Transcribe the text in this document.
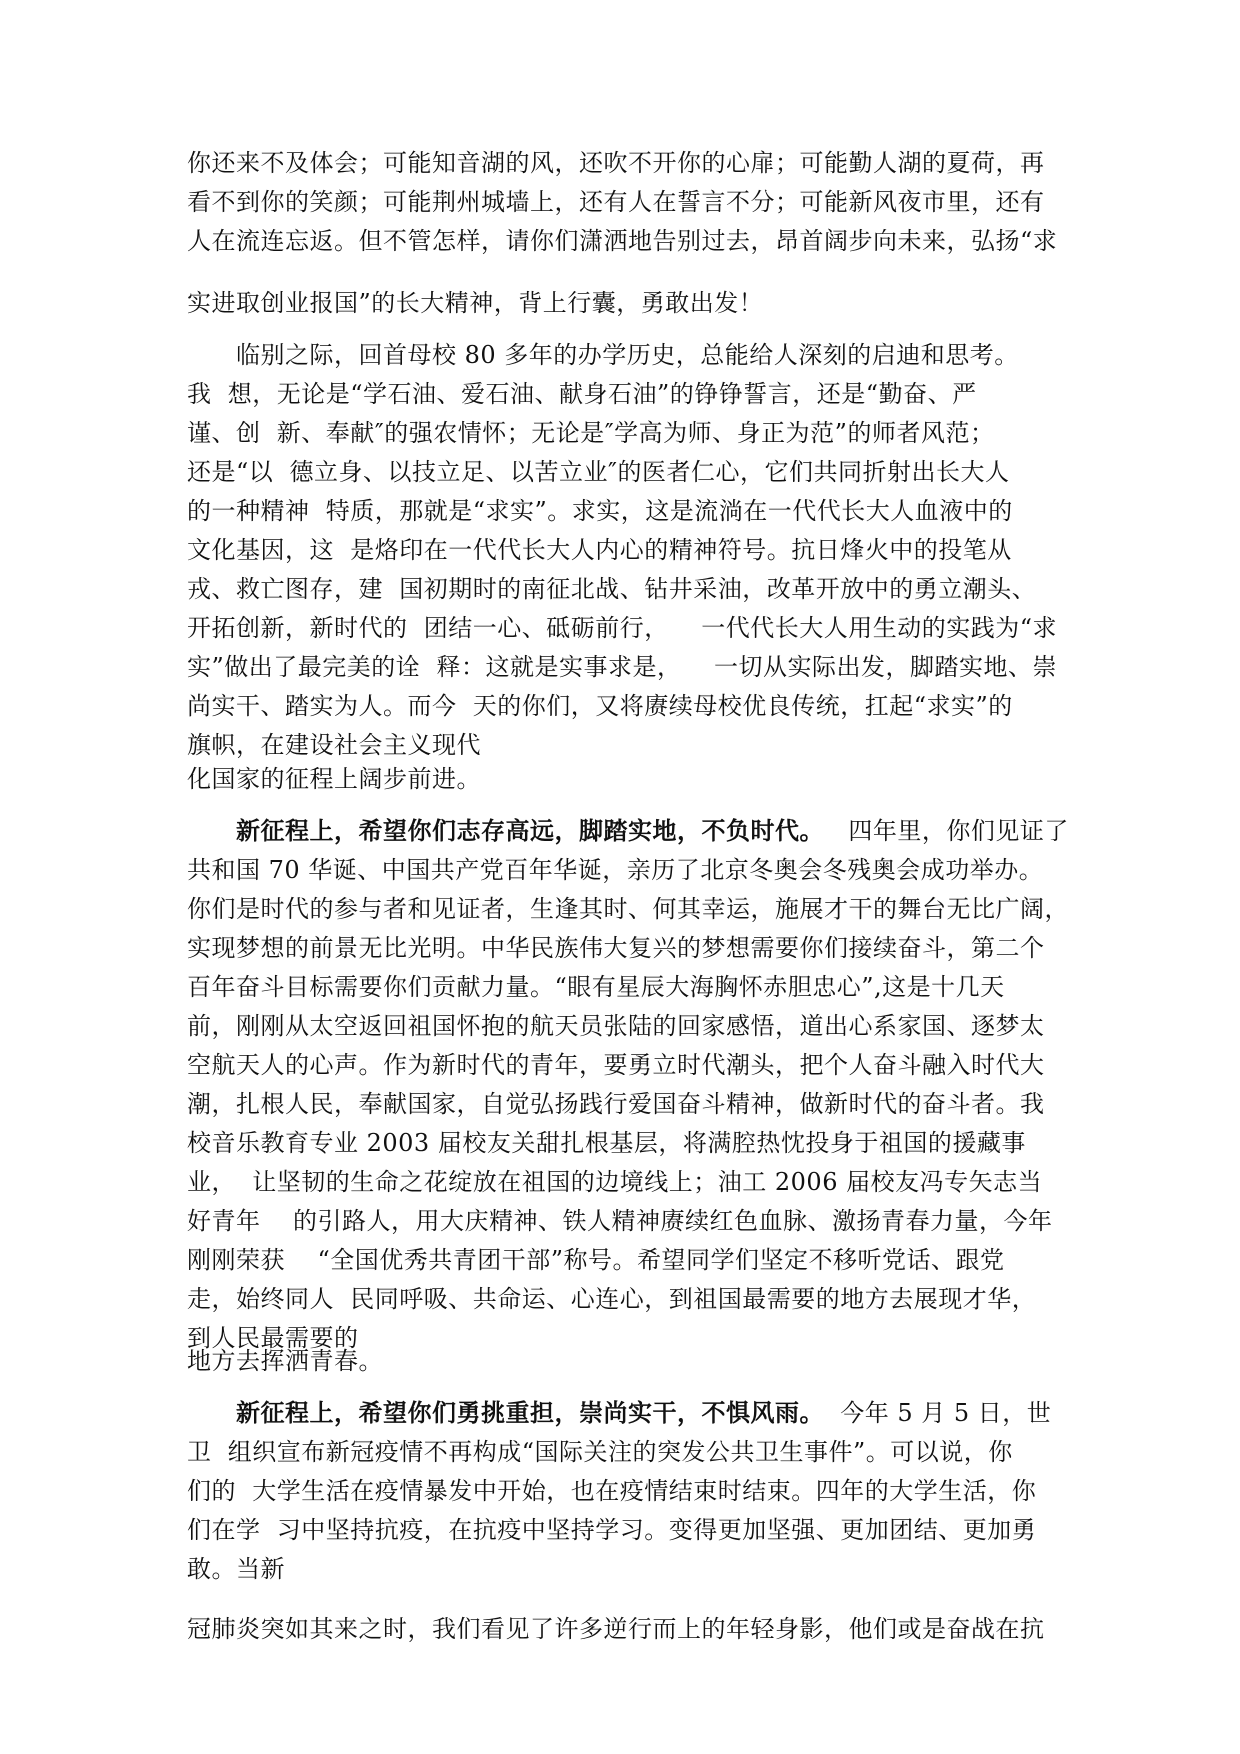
你还来不及体会；可能知音湖的风，还吹不开你的心扉；可能勤人湖的夏荷，再
看不到你的笑颜；可能荆州城墙上，还有人在誓言不分；可能新风夜市里，还有
人在流连忘返。但不管怎样，请你们潇洒地告别过去，昂首阔步向未来，弘扬“求
实进取创业报国”的长大精神，背上行囊，勇敢出发！
　　临别之际，回首母校 80 多年的办学历史，总能给人深刻的启迪和思考。
我  想，无论是“学石油、爱石油、献身石油”的铮铮誓言，还是“勤奋、严
谨、创  新、奉献″的强农情怀；无论是″学高为师、身正为范”的师者风范；
还是“以  德立身、以技立足、以苦立业″的医者仁心，它们共同折射出长大人
的一种精神  特质，那就是“求实”。求实，这是流淌在一代代长大人血液中的
文化基因，这  是烙印在一代代长大人内心的精神符号。抗日烽火中的投笔从
戎、救亡图存，建  国初期时的南征北战、钻井采油，改革开放中的勇立潮头、
开拓创新，新时代的  团结一心、砥砺前行，    一代代长大人用生动的实践为“求
实”做出了最完美的诠  释：这就是实事求是，    一切从实际出发，脚踏实地、崇
尚实干、踏实为人。而今  天的你们，又将赓续母校优良传统，扛起“求实”的
旗帜，在建设社会主义现代
化国家的征程上阔步前进。
　　新征程上，希望你们志存高远，脚踏实地，不负时代。   四年里，你们见证了
共和国 70 华诞、中国共产党百年华诞，亲历了北京冬奥会冬残奥会成功举办。
你们是时代的参与者和见证者，生逢其时、何其幸运，施展才干的舞台无比广阔，
实现梦想的前景无比光明。中华民族伟大复兴的梦想需要你们接续奋斗，第二个
百年奋斗目标需要你们贡献力量。“眼有星辰大海胸怀赤胆忠心”,这是十几天
前，刚刚从太空返回祖国怀抱的航天员张陆的回家感悟，道出心系家国、逐梦太
空航天人的心声。作为新时代的青年，要勇立时代潮头，把个人奋斗融入时代大
潮，扎根人民，奉献国家，自觉弘扬践行爱国奋斗精神，做新时代的奋斗者。我
校音乐教育专业 2003 届校友关甜扎根基层，将满腔热忱投身于祖国的援藏事
业，  让坚韧的生命之花绽放在祖国的边境线上；油工 2006 届校友冯专矢志当
好青年    的引路人，用大庆精神、铁人精神赓续红色血脉、激扬青春力量，今年
刚刚荣获    “全国优秀共青团干部”称号。希望同学们坚定不移听党话、跟党
走，始终同人  民同呼吸、共命运、心连心，到祖国最需要的地方去展现才华，
到人民最需要的
地方去挥洒青春。
　　新征程上，希望你们勇挑重担，崇尚实干，不惧风雨。  今年 5 月 5 日，世
卫  组织宣布新冠疫情不再构成“国际关注的突发公共卫生事件”。可以说，你
们的  大学生活在疫情暴发中开始，也在疫情结束时结束。四年的大学生活，你
们在学  习中坚持抗疫，在抗疫中坚持学习。变得更加坚强、更加团结、更加勇
敢。当新
冠肺炎突如其来之时，我们看见了许多逆行而上的年轻身影，他们或是奋战在抗
